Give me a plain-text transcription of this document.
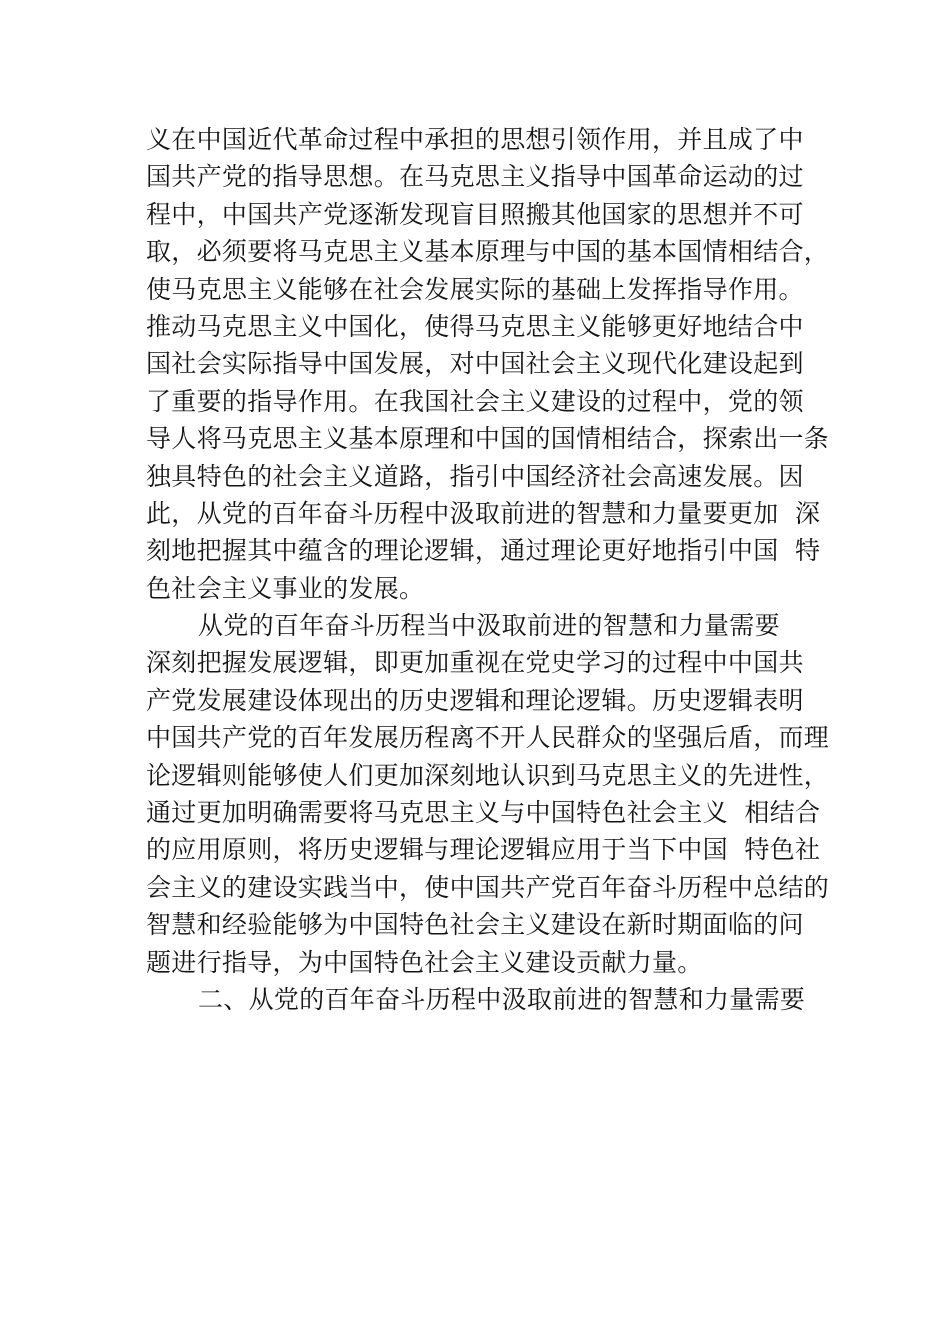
义在中国近代革命过程中承担的思想引领作用，并且成了中
国共产党的指导思想。在马克思主义指导中国革命运动的过
程中，中国共产党逐渐发现盲目照搬其他国家的思想并不可
取，必须要将马克思主义基本原理与中国的基本国情相结合，
使马克思主义能够在社会发展实际的基础上发挥指导作用。
推动马克思主义中国化，使得马克思主义能够更好地结合中
国社会实际指导中国发展，对中国社会主义现代化建设起到
了重要的指导作用。在我国社会主义建设的过程中，党的领
导人将马克思主义基本原理和中国的国情相结合，探索出一条
独具特色的社会主义道路，指引中国经济社会高速发展。因
此，从党的百年奋斗历程中汲取前进的智慧和力量要更加  深
刻地把握其中蕴含的理论逻辑，通过理论更好地指引中国  特
色社会主义事业的发展。
从党的百年奋斗历程当中汲取前进的智慧和力量需要
深刻把握发展逻辑，即更加重视在党史学习的过程中中国共
产党发展建设体现出的历史逻辑和理论逻辑。历史逻辑表明
中国共产党的百年发展历程离不开人民群众的坚强后盾，而理
论逻辑则能够使人们更加深刻地认识到马克思主义的先进性，
通过更加明确需要将马克思主义与中国特色社会主义  相结合
的应用原则，将历史逻辑与理论逻辑应用于当下中国  特色社
会主义的建设实践当中，使中国共产党百年奋斗历程中总结的
智慧和经验能够为中国特色社会主义建设在新时期面临的问
题进行指导，为中国特色社会主义建设贡献力量。
二、从党的百年奋斗历程中汲取前进的智慧和力量需要
